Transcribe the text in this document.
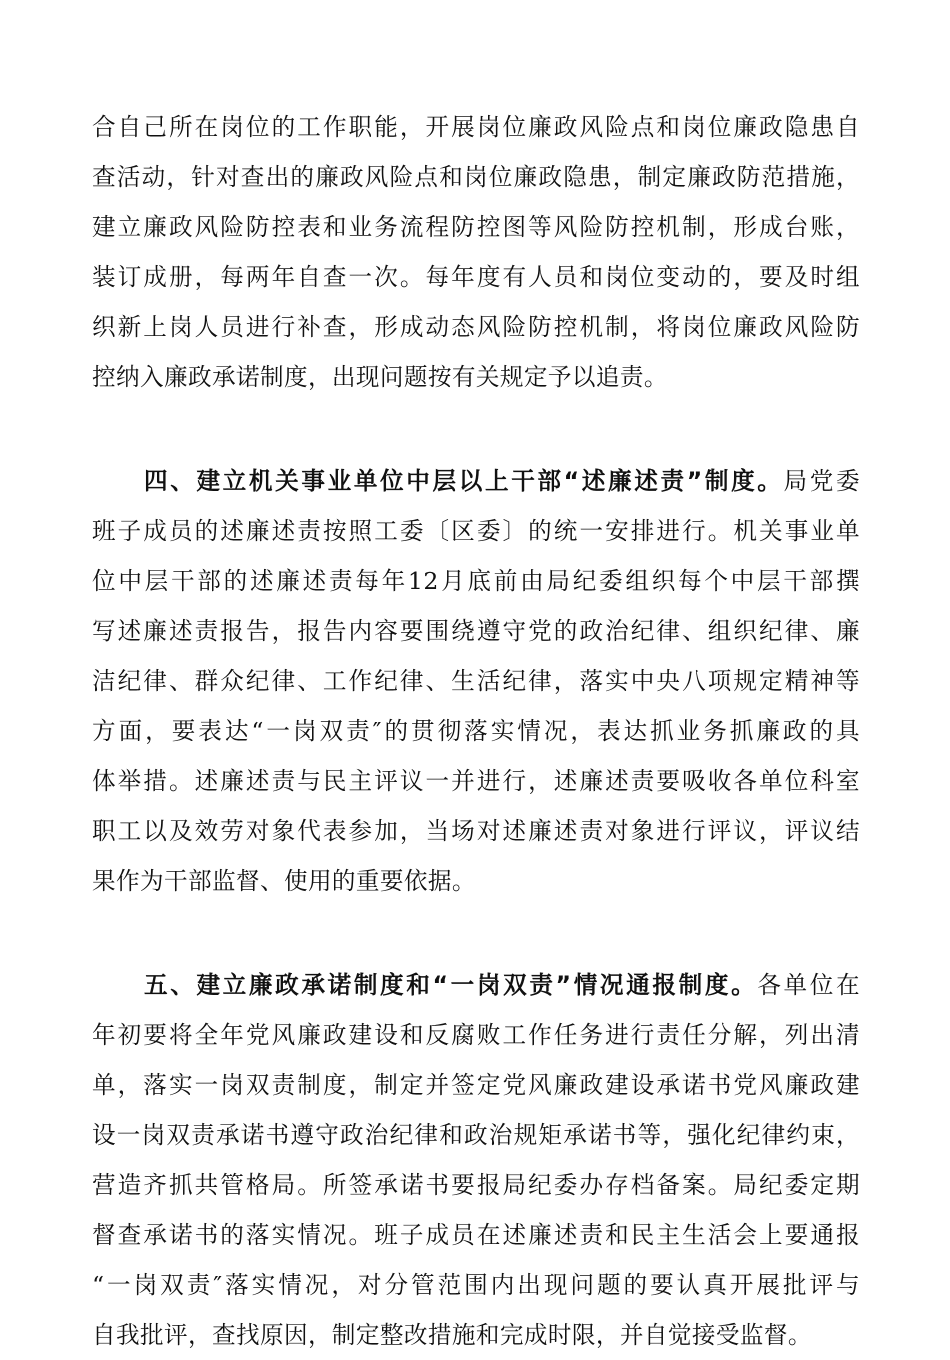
合自己所在岗位的工作职能，开展岗位廉政风险点和岗位廉政隐患自
查活动，针对查出的廉政风险点和岗位廉政隐患，制定廉政防范措施，
建立廉政风险防控表和业务流程防控图等风险防控机制，形成台账，
装订成册，每两年自查一次。每年度有人员和岗位变动的，要及时组
织新上岗人员进行补查，形成动态风险防控机制，将岗位廉政风险防
控纳入廉政承诺制度，出现问题按有关规定予以追责。
四、建立机关事业单位中层以上干部“述廉述责”制度。局党委
班子成员的述廉述责按照工委〔区委〕的统一安排进行。机关事业单
位中层干部的述廉述责每年12月底前由局纪委组织每个中层干部撰
写述廉述责报告，报告内容要围绕遵守党的政治纪律、组织纪律、廉
洁纪律、群众纪律、工作纪律、生活纪律，落实中央八项规定精神等
方面，要表达“一岗双责″的贯彻落实情况，表达抓业务抓廉政的具
体举措。述廉述责与民主评议一并进行，述廉述责要吸收各单位科室
职工以及效劳对象代表参加，当场对述廉述责对象进行评议，评议结
果作为干部监督、使用的重要依据。
五、建立廉政承诺制度和“一岗双责”情况通报制度。各单位在
年初要将全年党风廉政建设和反腐败工作任务进行责任分解，列出清
单，落实一岗双责制度，制定并签定党风廉政建设承诺书党风廉政建
设一岗双责承诺书遵守政治纪律和政治规矩承诺书等，强化纪律约束，
营造齐抓共管格局。所签承诺书要报局纪委办存档备案。局纪委定期
督查承诺书的落实情况。班子成员在述廉述责和民主生活会上要通报
“一岗双责″落实情况，对分管范围内出现问题的要认真开展批评与
自我批评，查找原因，制定整改措施和完成时限，并自觉接受监督。
